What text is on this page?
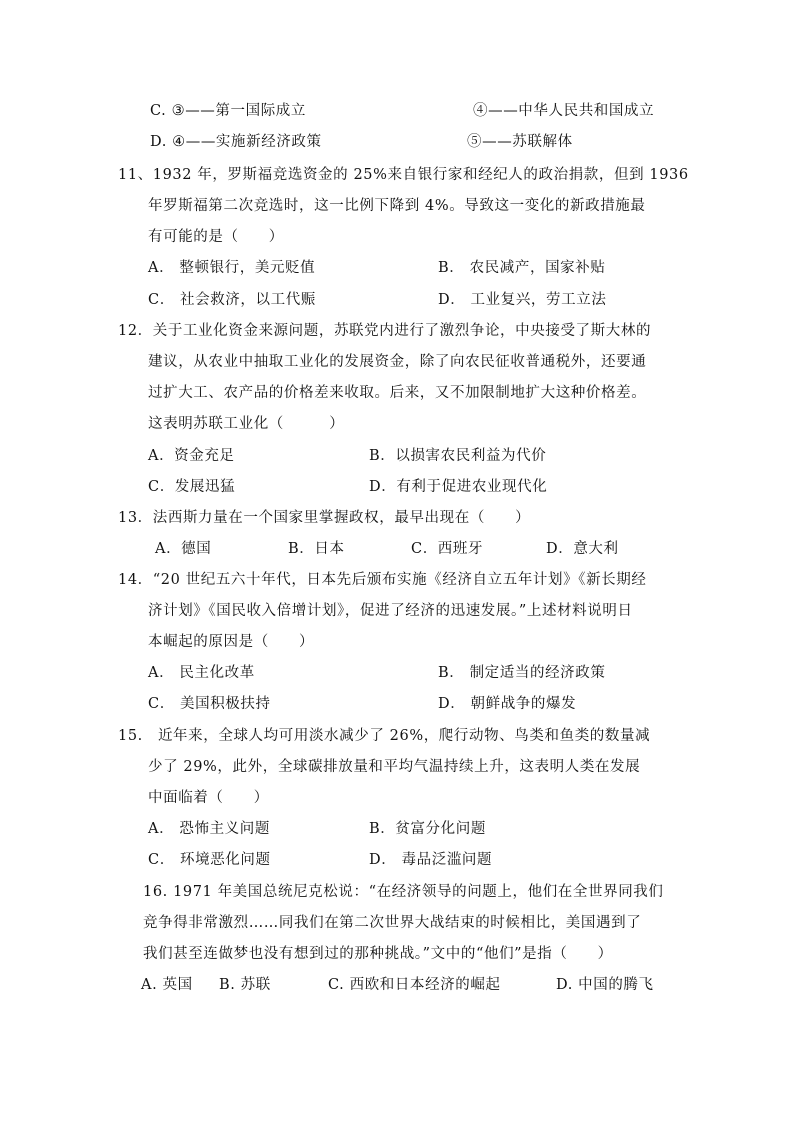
C. ③——第一国际成立	④——中华人民共和国成立
D. ④——实施新经济政策	⑤——苏联解体
11、1932 年，罗斯福竞选资金的 25%来自银行家和经纪人的政治捐款，但到 1936
年罗斯福第二次竞选时，这一比例下降到 4%。导致这一变化的新政措施最
有可能的是（　　）
A． 整顿银行，美元贬值	B． 农民减产，国家补贴
C． 社会救济，以工代赈	D． 工业复兴，劳工立法
12．关于工业化资金来源问题，苏联党内进行了激烈争论，中央接受了斯大林的
建议，从农业中抽取工业化的发展资金，除了向农民征收普通税外，还要通
过扩大工、农产品的价格差来收取。后来，又不加限制地扩大这种价格差。
这表明苏联工业化（　　　）
A．资金充足	B．以损害农民利益为代价
C．发展迅猛	D．有利于促进农业现代化
13．法西斯力量在一个国家里掌握政权，最早出现在（　　）
A．德国	B．日本	C．西班牙	D．意大利
14．“20 世纪五六十年代，日本先后颁布实施《经济自立五年计划》《新长期经
济计划》《国民收入倍增计划》，促进了经济的迅速发展。”上述材料说明日
本崛起的原因是（　　）
A． 民主化改革	B． 制定适当的经济政策
C． 美国积极扶持	D． 朝鲜战争的爆发
15.　近年来，全球人均可用淡水减少了 26%，爬行动物、鸟类和鱼类的数量减
少了 29%，此外，全球碳排放量和平均气温持续上升，这表明人类在发展
中面临着（　　）
A． 恐怖主义问题	B．贫富分化问题
C． 环境恶化问题	D． 毒品泛滥问题
16. 1971 年美国总统尼克松说：“在经济领导的问题上，他们在全世界同我们
竞争得非常激烈……同我们在第二次世界大战结束的时候相比，美国遇到了
我们甚至连做梦也没有想到过的那种挑战。”文中的“他们”是指（　　）
A. 英国 B. 苏联	C. 西欧和日本经济的崛起	D. 中国的腾飞
